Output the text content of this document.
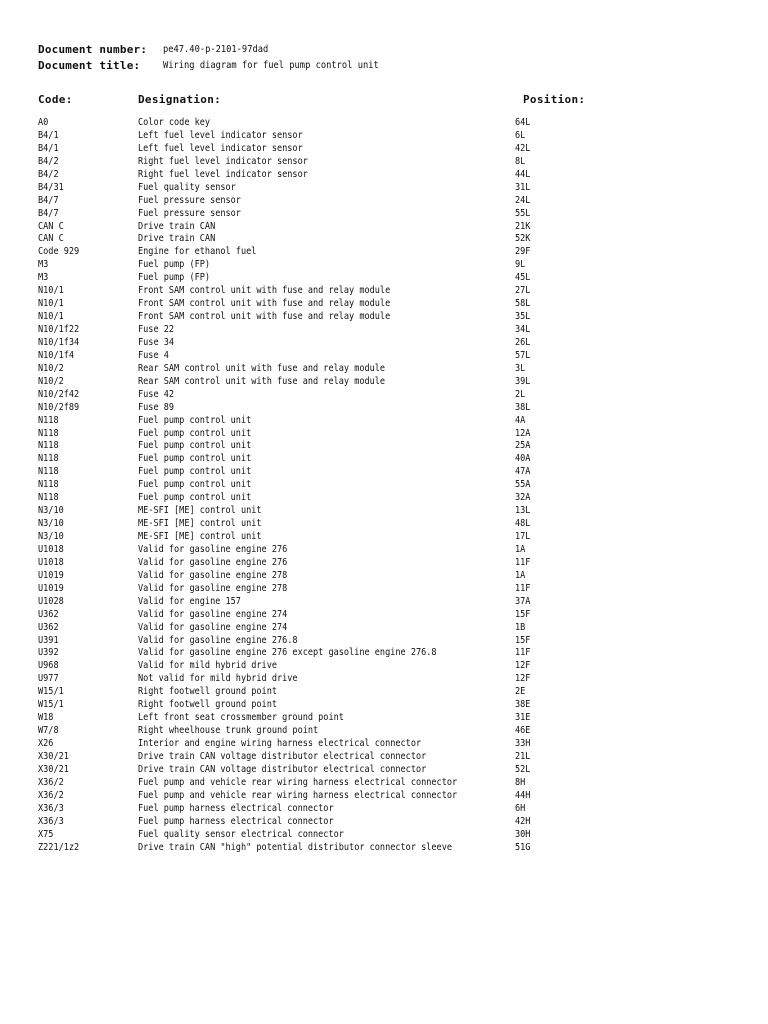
Document number: pe47.40-p-2101-97dad
Document title: Wiring diagram for fuel pump control unit
Code:	Designation:	Position:
A0	Color code key	64L
B4/1	Left fuel level indicator sensor	6L
B4/1	Left fuel level indicator sensor	42L
B4/2	Right fuel level indicator sensor	8L
B4/2	Right fuel level indicator sensor	44L
B4/31	Fuel quality sensor	31L
B4/7	Fuel pressure sensor	24L
B4/7	Fuel pressure sensor	55L
CAN C	Drive train CAN	21K
CAN C	Drive train CAN	52K
Code 929	Engine for ethanol fuel	29F
M3	Fuel pump (FP)	9L
M3	Fuel pump (FP)	45L
N10/1	Front SAM control unit with fuse and relay module	27L
N10/1	Front SAM control unit with fuse and relay module	58L
N10/1	Front SAM control unit with fuse and relay module	35L
N10/1f22	Fuse 22	34L
N10/1f34	Fuse 34	26L
N10/1f4	Fuse 4	57L
N10/2	Rear SAM control unit with fuse and relay module	3L
N10/2	Rear SAM control unit with fuse and relay module	39L
N10/2f42	Fuse 42	2L
N10/2f89	Fuse 89	38L
N118	Fuel pump control unit	4A
N118	Fuel pump control unit	12A
N118	Fuel pump control unit	25A
N118	Fuel pump control unit	40A
N118	Fuel pump control unit	47A
N118	Fuel pump control unit	55A
N118	Fuel pump control unit	32A
N3/10	ME-SFI [ME] control unit	13L
N3/10	ME-SFI [ME] control unit	48L
N3/10	ME-SFI [ME] control unit	17L
U1018	Valid for gasoline engine 276	1A
U1018	Valid for gasoline engine 276	11F
U1019	Valid for gasoline engine 278	1A
U1019	Valid for gasoline engine 278	11F
U1028	Valid for engine 157	37A
U362	Valid for gasoline engine 274	15F
U362	Valid for gasoline engine 274	1B
U391	Valid for gasoline engine 276.8	15F
U392	Valid for gasoline engine 276 except gasoline engine 276.8	11F
U968	Valid for mild hybrid drive	12F
U977	Not valid for mild hybrid drive	12F
W15/1	Right footwell ground point	2E
W15/1	Right footwell ground point	38E
W18	Left front seat crossmember ground point	31E
W7/8	Right wheelhouse trunk ground point	46E
X26	Interior and engine wiring harness electrical connector	33H
X30/21	Drive train CAN voltage distributor electrical connector	21L
X30/21	Drive train CAN voltage distributor electrical connector	52L
X36/2	Fuel pump and vehicle rear wiring harness electrical connector	8H
X36/2	Fuel pump and vehicle rear wiring harness electrical connector	44H
X36/3	Fuel pump harness electrical connector	6H
X36/3	Fuel pump harness electrical connector	42H
X75	Fuel quality sensor electrical connector	30H
Z221/1z2	Drive train CAN "high" potential distributor connector sleeve	51G
